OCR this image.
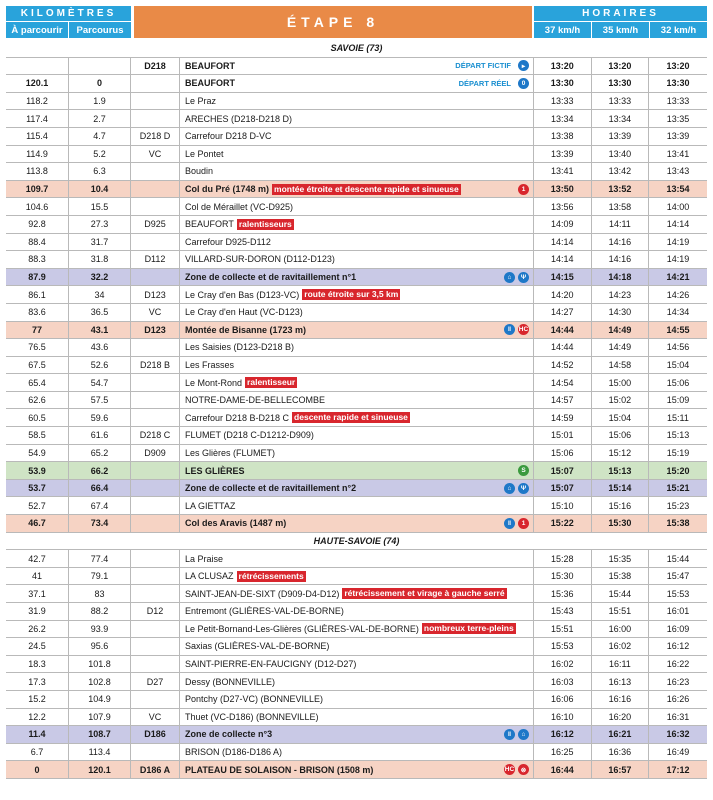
KILOMÈTRES
À parcourir	Parcourus	ÉTAPE 8
HORAIRES
37 km/h	35 km/h	32 km/h
SAVOIE (73)
D218	BEAUFORT	DÉPART FICTIF	▸	13:20	13:20	13:20
120.1	0	BEAUFORT	DÉPART RÉEL	0	13:30	13:30	13:30
118.2	1.9	Le Praz	13:33	13:33	13:33
117.4	2.7	ARECHES (D218-D218 D)	13:34	13:34	13:35
115.4	4.7	D218 D	Carrefour D218 D-VC	13:38	13:39	13:39
114.9	5.2	VC	Le Pontet	13:39	13:40	13:41
113.8	6.3	Boudin	13:41	13:42	13:43
109.7	10.4	Col du Pré (1748 m) montée étroite et descente rapide et sinueuse	1	13:50	13:52	13:54
104.6	15.5	Col de Méraillet (VC-D925)	13:56	13:58	14:00
92.8	27.3	D925	BEAUFORT ralentisseurs	14:09	14:11	14:14
88.4	31.7	Carrefour D925-D112	14:14	14:16	14:19
88.3	31.8	D112	VILLARD-SUR-DORON (D112-D123)	14:14	14:16	14:19
87.9	32.2	Zone de collecte et de ravitaillement n°1	⌂	Ψ	14:15	14:18	14:21
86.1	34	D123	Le Cray d'en Bas (D123-VC) route étroite sur 3,5 km	14:20	14:23	14:26
83.6	36.5	VC	Le Cray d'en Haut (VC-D123)	14:27	14:30	14:34
77	43.1	D123	Montée de Bisanne (1723 m)	‖	HC	14:44	14:49	14:55
76.5	43.6	Les Saisies (D123-D218 B)	14:44	14:49	14:56
67.5	52.6	D218 B	Les Frasses	14:52	14:58	15:04
65.4	54.7	Le Mont-Rond ralentisseur	14:54	15:00	15:06
62.6	57.5	NOTRE-DAME-DE-BELLECOMBE	14:57	15:02	15:09
60.5	59.6	Carrefour D218 B-D218 C descente rapide et sinueuse	14:59	15:04	15:11
58.5	61.6	D218 C	FLUMET (D218 C-D1212-D909)	15:01	15:06	15:13
54.9	65.2	D909	Les Glières (FLUMET)	15:06	15:12	15:19
53.9	66.2	LES GLIÈRES	S	15:07	15:13	15:20
53.7	66.4	Zone de collecte et de ravitaillement n°2	⌂	Ψ	15:07	15:14	15:21
52.7	67.4	LA GIETTAZ	15:10	15:16	15:23
46.7	73.4	Col des Aravis (1487 m)	‖	1	15:22	15:30	15:38
HAUTE-SAVOIE (74)
42.7	77.4	La Praise	15:28	15:35	15:44
41	79.1	LA CLUSAZ rétrécissements	15:30	15:38	15:47
37.1	83	SAINT-JEAN-DE-SIXT (D909-D4-D12) rétrécissement et virage à gauche serré	15:36	15:44	15:53
31.9	88.2	D12	Entremont (GLIÈRES-VAL-DE-BORNE)	15:43	15:51	16:01
26.2	93.9	Le Petit-Bornand-Les-Glières (GLIÈRES-VAL-DE-BORNE) nombreux terre-pleins	15:51	16:00	16:09
24.5	95.6	Saxias (GLIÈRES-VAL-DE-BORNE)	15:53	16:02	16:12
18.3	101.8	SAINT-PIERRE-EN-FAUCIGNY (D12-D27)	16:02	16:11	16:22
17.3	102.8	D27	Dessy (BONNEVILLE)	16:03	16:13	16:23
15.2	104.9	Pontchy (D27-VC) (BONNEVILLE)	16:06	16:16	16:26
12.2	107.9	VC	Thuet (VC-D186) (BONNEVILLE)	16:10	16:20	16:31
11.4	108.7	D186	Zone de collecte n°3	‖	⌂	16:12	16:21	16:32
6.7	113.4	BRISON (D186-D186 A)	16:25	16:36	16:49
0	120.1	D186 A	PLATEAU DE SOLAISON - BRISON (1508 m)	HC	⊗	16:44	16:57	17:12
